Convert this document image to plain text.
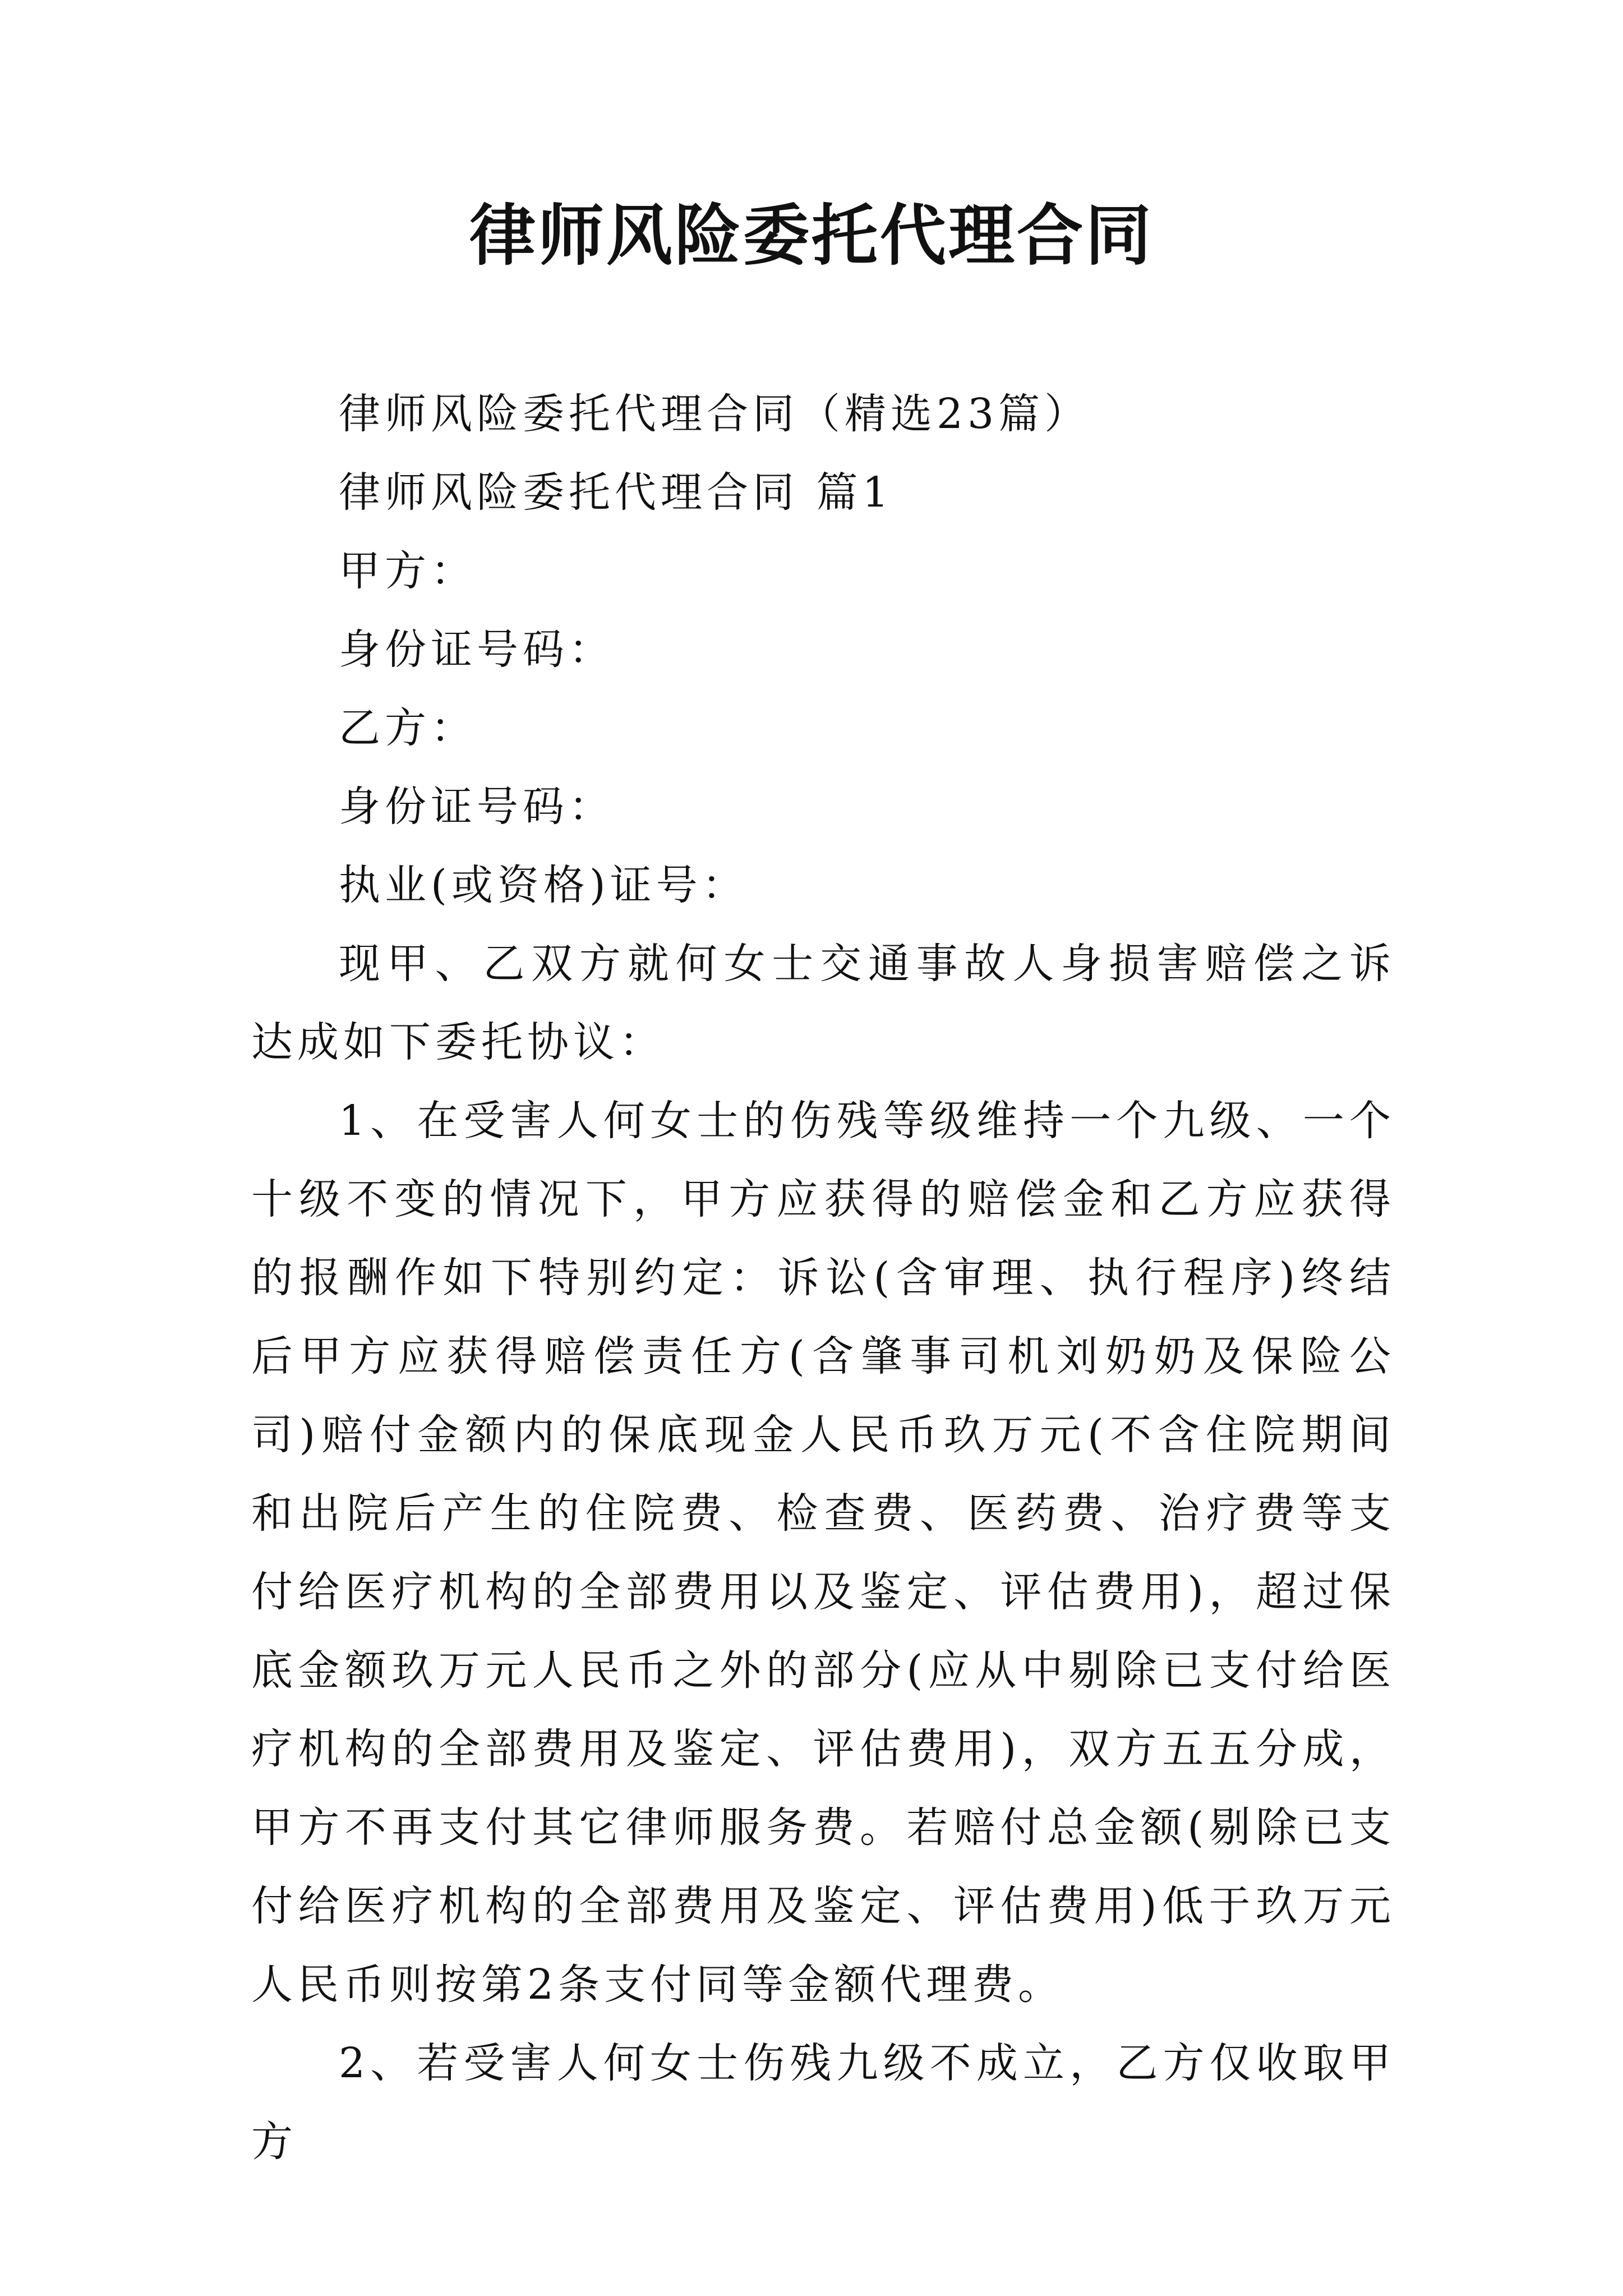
律师风险委托代理合同

律师风险委托代理合同（精选23篇）

律师风险委托代理合同 篇1

甲方：

身份证号码：

乙方：

身份证号码：

执业(或资格)证号：

现甲、乙双方就何女士交通事故人身损害赔偿之诉达成如下委托协议：

1、在受害人何女士的伤残等级维持一个九级、一个十级不变的情况下，甲方应获得的赔偿金和乙方应获得的报酬作如下特别约定：诉讼(含审理、执行程序)终结后甲方应获得赔偿责任方(含肇事司机刘奶奶及保险公司)赔付金额内的保底现金人民币玖万元(不含住院期间和出院后产生的住院费、检查费、医药费、治疗费等支付给医疗机构的全部费用以及鉴定、评估费用)，超过保底金额玖万元人民币之外的部分(应从中剔除已支付给医疗机构的全部费用及鉴定、评估费用)，双方五五分成，甲方不再支付其它律师服务费。若赔付总金额(剔除已支付给医疗机构的全部费用及鉴定、评估费用)低于玖万元人民币则按第2条支付同等金额代理费。

2、若受害人何女士伤残九级不成立，乙方仅收取甲方
